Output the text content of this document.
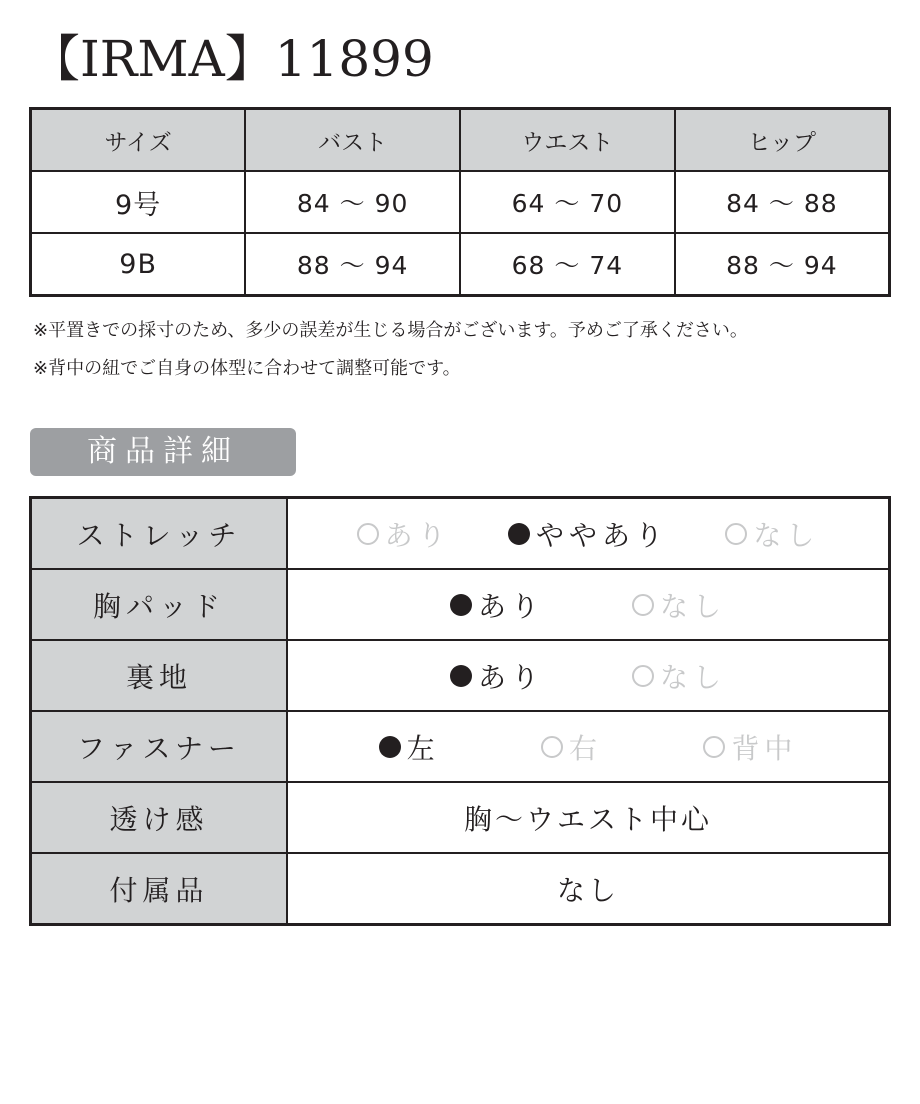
【IRMA】11899
サイズ	バスト	ウエスト	ヒップ
9号	84 〜 90	64 〜 70	84 〜 88
9B	88 〜 94	68 〜 74	88 〜 94
※平置きでの採寸のため、多少の誤差が生じる場合がございます。予めご了承ください。
※背中の紐でご自身の体型に合わせて調整可能です。
商品詳細
ストレッチ	あり ややあり なし

胸パッド	あり なし

裏地	あり なし

ファスナー	左 右 背中

透け感	胸〜ウエスト中心
付属品	なし
